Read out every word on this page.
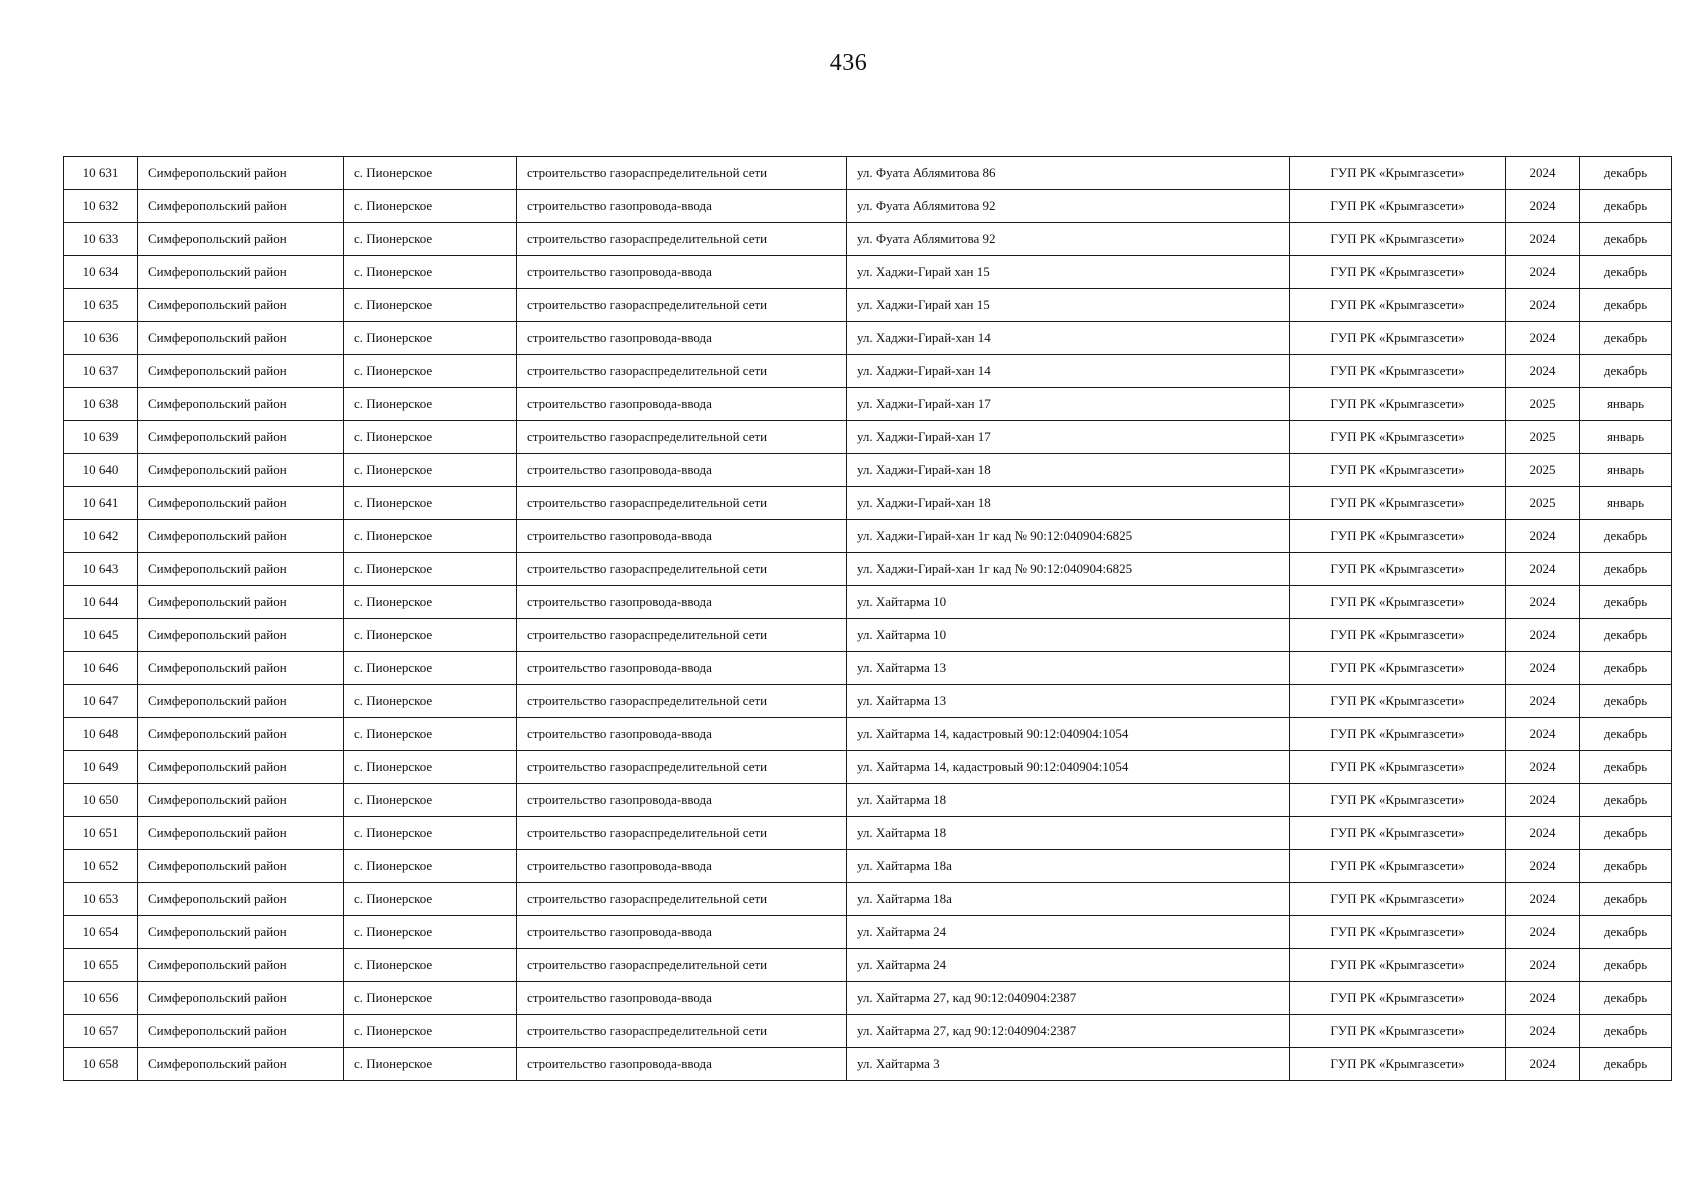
436
10 631	Симферопольский район	с. Пионерское	строительство газораспределительной сети	ул. Фуата Аблямитова 86	ГУП РК «Крымгазсети»	2024	декабрь
10 632	Симферопольский район	с. Пионерское	строительство газопровода-ввода	ул. Фуата Аблямитова 92	ГУП РК «Крымгазсети»	2024	декабрь
10 633	Симферопольский район	с. Пионерское	строительство газораспределительной сети	ул. Фуата Аблямитова 92	ГУП РК «Крымгазсети»	2024	декабрь
10 634	Симферопольский район	с. Пионерское	строительство газопровода-ввода	ул. Хаджи-Гирай хан 15	ГУП РК «Крымгазсети»	2024	декабрь
10 635	Симферопольский район	с. Пионерское	строительство газораспределительной сети	ул. Хаджи-Гирай хан 15	ГУП РК «Крымгазсети»	2024	декабрь
10 636	Симферопольский район	с. Пионерское	строительство газопровода-ввода	ул. Хаджи-Гирай-хан 14	ГУП РК «Крымгазсети»	2024	декабрь
10 637	Симферопольский район	с. Пионерское	строительство газораспределительной сети	ул. Хаджи-Гирай-хан 14	ГУП РК «Крымгазсети»	2024	декабрь
10 638	Симферопольский район	с. Пионерское	строительство газопровода-ввода	ул. Хаджи-Гирай-хан 17	ГУП РК «Крымгазсети»	2025	январь
10 639	Симферопольский район	с. Пионерское	строительство газораспределительной сети	ул. Хаджи-Гирай-хан 17	ГУП РК «Крымгазсети»	2025	январь
10 640	Симферопольский район	с. Пионерское	строительство газопровода-ввода	ул. Хаджи-Гирай-хан 18	ГУП РК «Крымгазсети»	2025	январь
10 641	Симферопольский район	с. Пионерское	строительство газораспределительной сети	ул. Хаджи-Гирай-хан 18	ГУП РК «Крымгазсети»	2025	январь
10 642	Симферопольский район	с. Пионерское	строительство газопровода-ввода	ул. Хаджи-Гирай-хан 1г кад № 90:12:040904:6825	ГУП РК «Крымгазсети»	2024	декабрь
10 643	Симферопольский район	с. Пионерское	строительство газораспределительной сети	ул. Хаджи-Гирай-хан 1г кад № 90:12:040904:6825	ГУП РК «Крымгазсети»	2024	декабрь
10 644	Симферопольский район	с. Пионерское	строительство газопровода-ввода	ул. Хайтарма 10	ГУП РК «Крымгазсети»	2024	декабрь
10 645	Симферопольский район	с. Пионерское	строительство газораспределительной сети	ул. Хайтарма 10	ГУП РК «Крымгазсети»	2024	декабрь
10 646	Симферопольский район	с. Пионерское	строительство газопровода-ввода	ул. Хайтарма 13	ГУП РК «Крымгазсети»	2024	декабрь
10 647	Симферопольский район	с. Пионерское	строительство газораспределительной сети	ул. Хайтарма 13	ГУП РК «Крымгазсети»	2024	декабрь
10 648	Симферопольский район	с. Пионерское	строительство газопровода-ввода	ул. Хайтарма 14, кадастровый 90:12:040904:1054	ГУП РК «Крымгазсети»	2024	декабрь
10 649	Симферопольский район	с. Пионерское	строительство газораспределительной сети	ул. Хайтарма 14, кадастровый 90:12:040904:1054	ГУП РК «Крымгазсети»	2024	декабрь
10 650	Симферопольский район	с. Пионерское	строительство газопровода-ввода	ул. Хайтарма 18	ГУП РК «Крымгазсети»	2024	декабрь
10 651	Симферопольский район	с. Пионерское	строительство газораспределительной сети	ул. Хайтарма 18	ГУП РК «Крымгазсети»	2024	декабрь
10 652	Симферопольский район	с. Пионерское	строительство газопровода-ввода	ул. Хайтарма 18а	ГУП РК «Крымгазсети»	2024	декабрь
10 653	Симферопольский район	с. Пионерское	строительство газораспределительной сети	ул. Хайтарма 18а	ГУП РК «Крымгазсети»	2024	декабрь
10 654	Симферопольский район	с. Пионерское	строительство газопровода-ввода	ул. Хайтарма 24	ГУП РК «Крымгазсети»	2024	декабрь
10 655	Симферопольский район	с. Пионерское	строительство газораспределительной сети	ул. Хайтарма 24	ГУП РК «Крымгазсети»	2024	декабрь
10 656	Симферопольский район	с. Пионерское	строительство газопровода-ввода	ул. Хайтарма 27, кад 90:12:040904:2387	ГУП РК «Крымгазсети»	2024	декабрь
10 657	Симферопольский район	с. Пионерское	строительство газораспределительной сети	ул. Хайтарма 27, кад 90:12:040904:2387	ГУП РК «Крымгазсети»	2024	декабрь
10 658	Симферопольский район	с. Пионерское	строительство газопровода-ввода	ул. Хайтарма 3	ГУП РК «Крымгазсети»	2024	декабрь
